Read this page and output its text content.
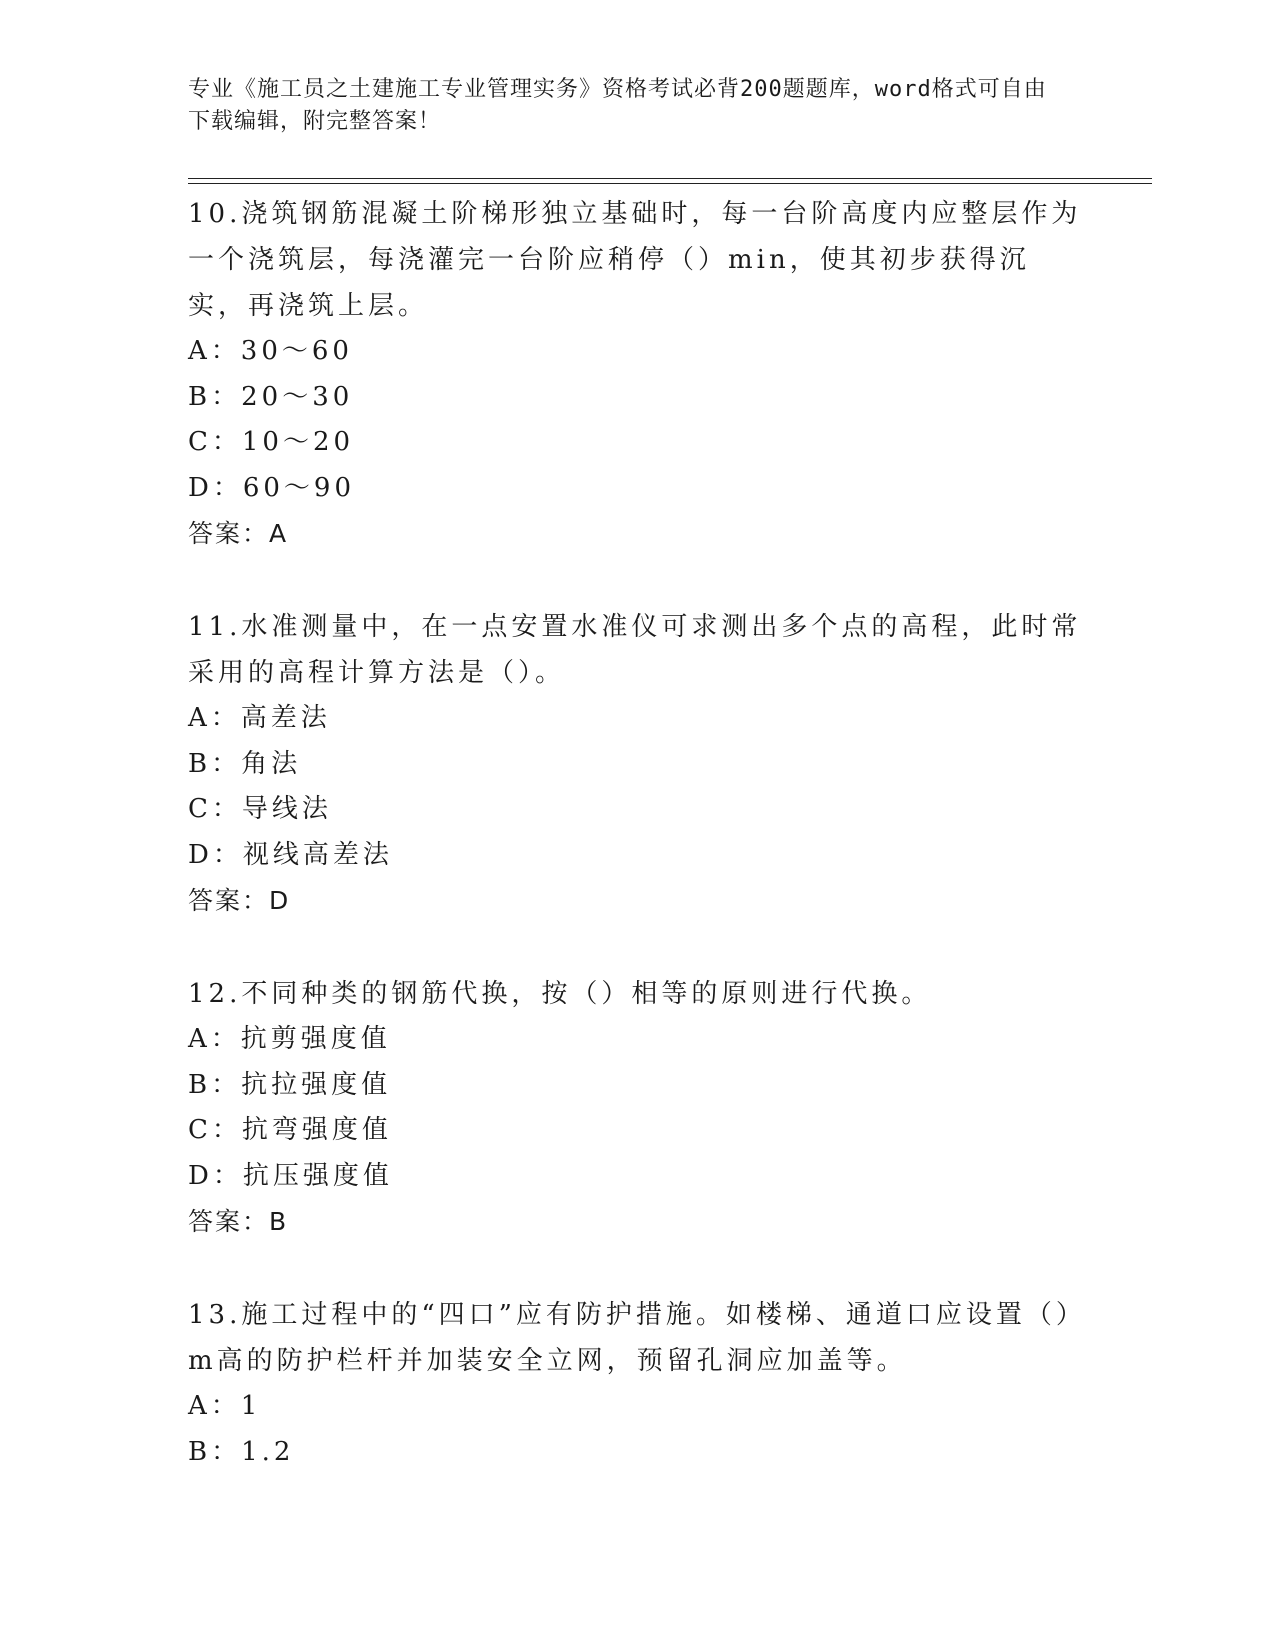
专业《施工员之土建施工专业管理实务》资格考试必背200题题库，word格式可自由下载编辑，附完整答案！

10.浇筑钢筋混凝土阶梯形独立基础时，每一台阶高度内应整层作为一个浇筑层，每浇灌完一台阶应稍停（）min，使其初步获得沉实，再浇筑上层。

A：30～60

B：20～30

C：10～20

D：60～90

答案：A

11.水准测量中，在一点安置水准仪可求测出多个点的高程，此时常采用的高程计算方法是（）。

A：高差法

B：角法

C：导线法

D：视线高差法

答案：D

12.不同种类的钢筋代换，按（）相等的原则进行代换。

A：抗剪强度值

B：抗拉强度值

C：抗弯强度值

D：抗压强度值

答案：B

13.施工过程中的“四口”应有防护措施。如楼梯、通道口应设置（）m高的防护栏杆并加装安全立网，预留孔洞应加盖等。

A：1

B：1.2
